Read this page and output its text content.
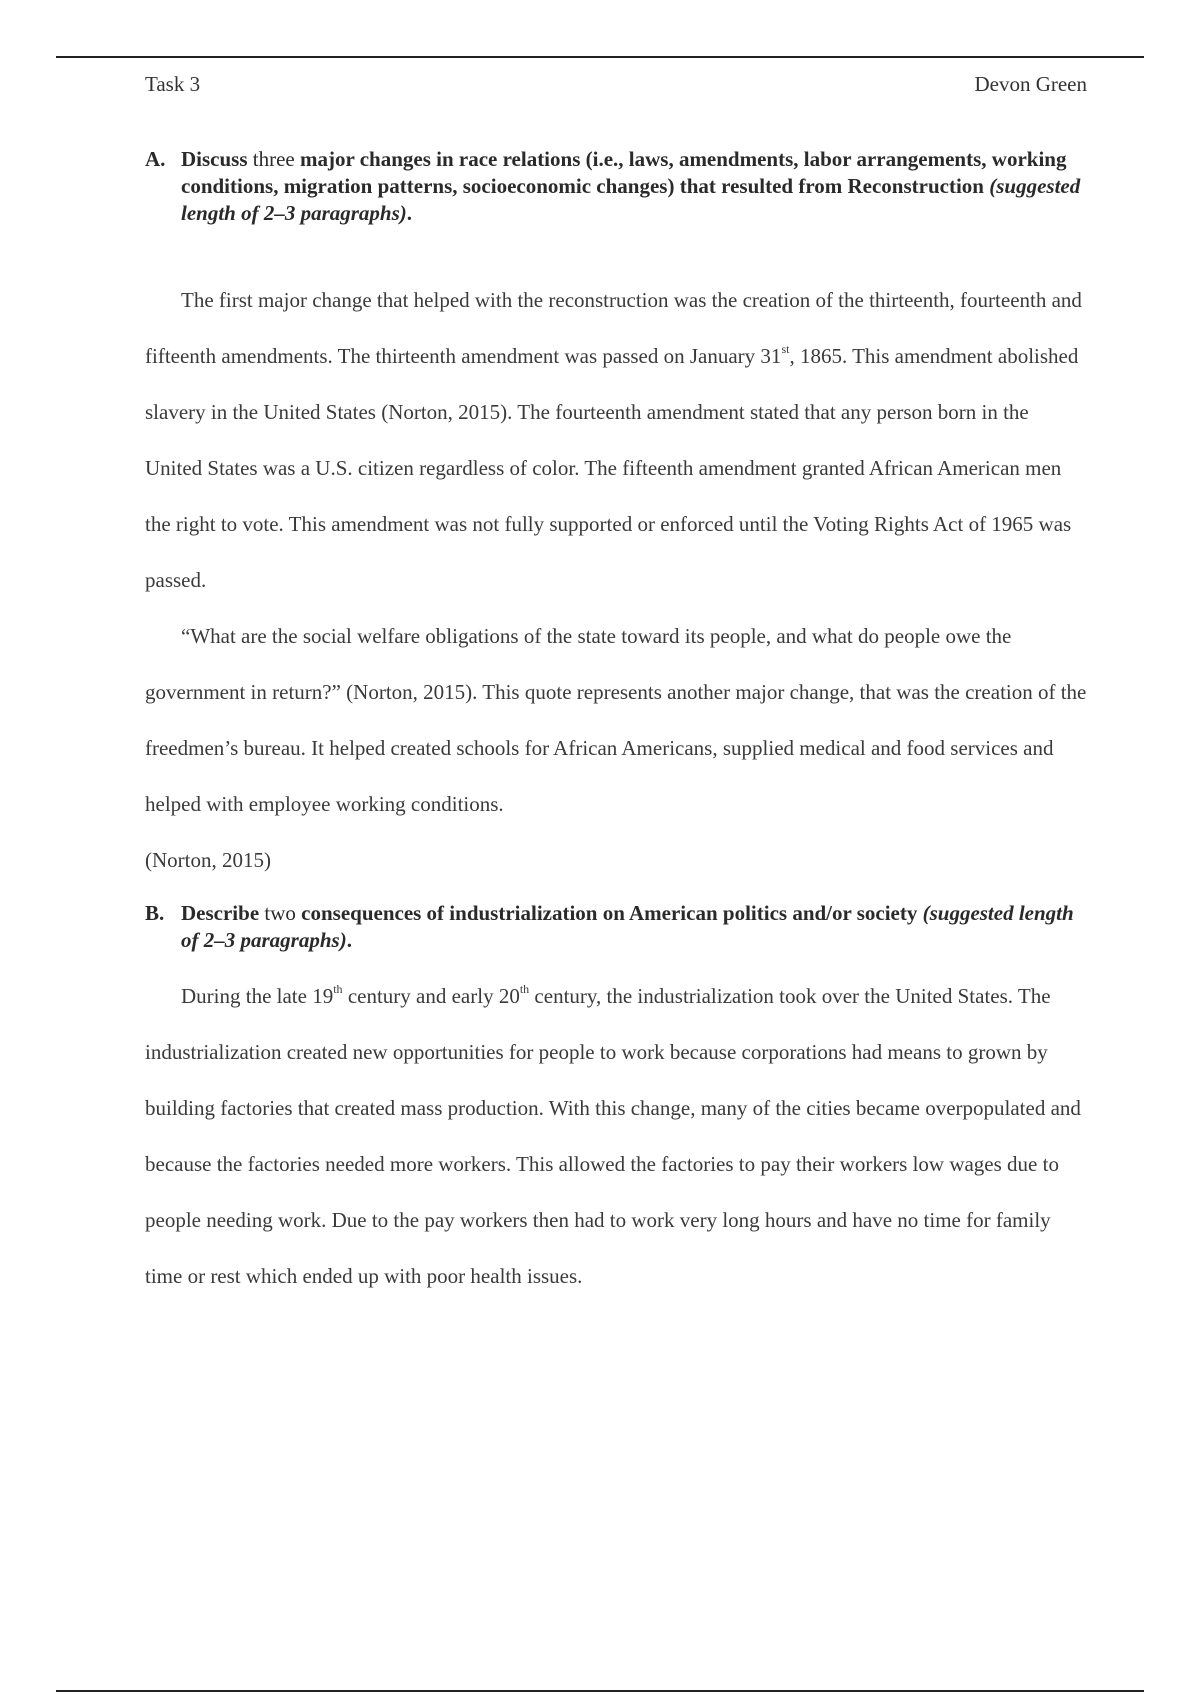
Task 3	Devon Green
A. Discuss three major changes in race relations (i.e., laws, amendments, labor arrangements, working conditions, migration patterns, socioeconomic changes) that resulted from Reconstruction (suggested length of 2–3 paragraphs).

The first major change that helped with the reconstruction was the creation of the thirteenth, fourteenth and fifteenth amendments. The thirteenth amendment was passed on January 31st, 1865. This amendment abolished slavery in the United States (Norton, 2015). The fourteenth amendment stated that any person born in the United States was a U.S. citizen regardless of color. The fifteenth amendment granted African American men the right to vote. This amendment was not fully supported or enforced until the Voting Rights Act of 1965 was passed.

“What are the social welfare obligations of the state toward its people, and what do people owe the government in return?” (Norton, 2015). This quote represents another major change, that was the creation of the freedmen’s bureau. It helped created schools for African Americans, supplied medical and food services and helped with employee working conditions.

(Norton, 2015)

B. Describe two consequences of industrialization on American politics and/or society (suggested length of 2–3 paragraphs).

During the late 19th century and early 20th century, the industrialization took over the United States. The industrialization created new opportunities for people to work because corporations had means to grown by building factories that created mass production. With this change, many of the cities became overpopulated and because the factories needed more workers. This allowed the factories to pay their workers low wages due to people needing work. Due to the pay workers then had to work very long hours and have no time for family time or rest which ended up with poor health issues.
